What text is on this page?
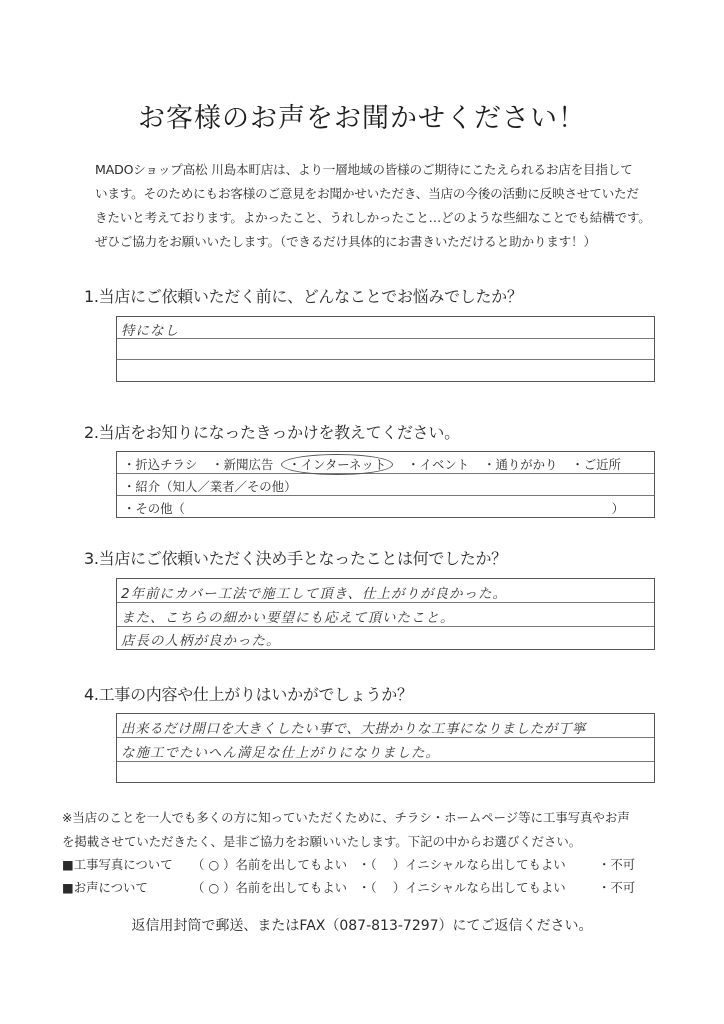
お客様のお声をお聞かせください！
MADOショップ高松 川島本町店は、より一層地域の皆様のご期待にこたえられるお店を目指して
います。そのためにもお客様のご意見をお聞かせいただき、当店の今後の活動に反映させていただ
きたいと考えております。よかったこと、うれしかったこと…どのような些細なことでも結構です。
ぜひご協力をお願いいたします。（できるだけ具体的にお書きいただけると助かります！）
1.当店にご依頼いただく前に、どんなことでお悩みでしたか？
特になし
2.当店をお知りになったきっかけを教えてください。
・折込チラシ ・新聞広告 ・インターネット ・イベント ・通りがかり ・ご近所
・紹介（知人／業者／その他）
・その他（	）
3.当店にご依頼いただく決め手となったことは何でしたか？
2年前にカバー工法で施工して頂き、仕上がりが良かった。
また、こちらの細かい要望にも応えて頂いたこと。
店長の人柄が良かった。
4.工事の内容や仕上がりはいかがでしょうか？
出来るだけ開口を大きくしたい事で、大掛かりな工事になりましたが丁寧
な施工でたいへん満足な仕上がりになりました。
※当店のことを一人でも多くの方に知っていただくために、チラシ・ホームページ等に工事写真やお声
を掲載させていただきたく、是非ご協力をお願いいたします。下記の中からお選びください。
■工事写真について （ ○ ）名前を出してもよい ・（　 ）イニシャルなら出してもよい	・不可
■お声について	（ ○ ）名前を出してもよい ・（　 ）イニシャルなら出してもよい	・不可
返信用封筒で郵送、またはFAX（087-813-7297）にてご返信ください。
